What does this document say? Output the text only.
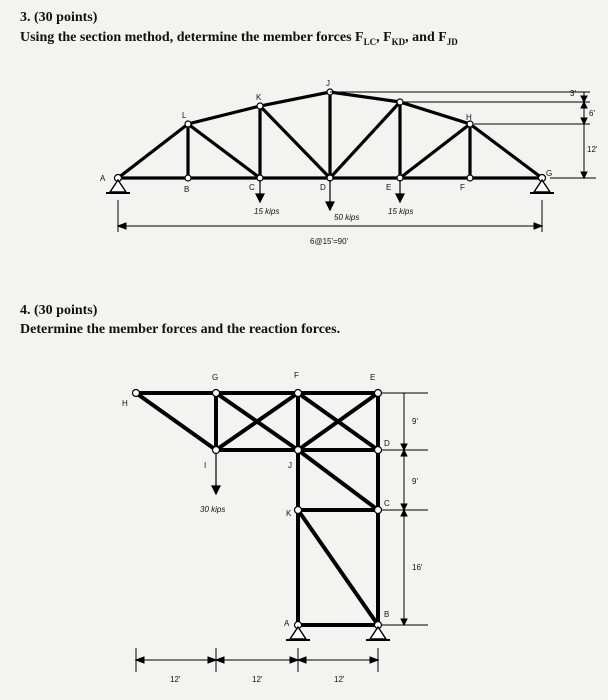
3. (30 points)
Using the section method, determine the member forces $F_{LC}$, $F_{KD}$, and $F_{JD}$
4. (30 points)
Determine the member forces and the reaction forces.
15 kips
50 kips
15 kips
A
B	C	D	E	F
G
H
J
K
L
6@15'=90'
3'
6'
12'
30 kips
H
G	F	E
D
C
B
A
I	J
K
9'
9'
16'
12'	12'	12'
